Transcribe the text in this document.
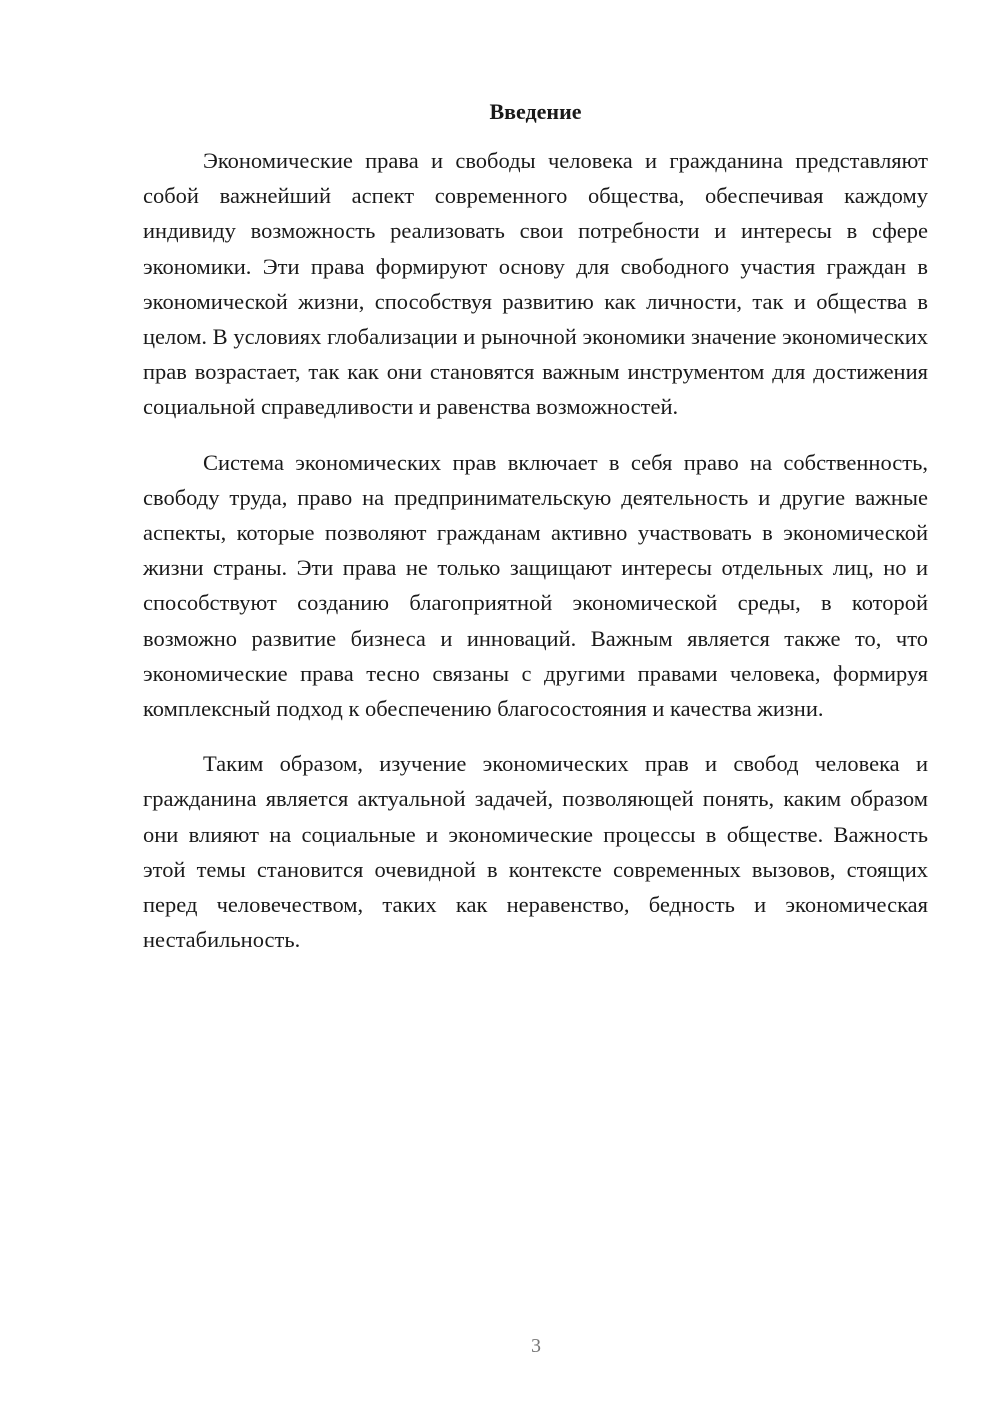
Введение

Экономические права и свободы человека и гражданина представляют собой важнейший аспект современного общества, обеспечивая каждому индивиду возможность реализовать свои потребности и интересы в сфере экономики. Эти права формируют основу для свободного участия граждан в экономической жизни, способствуя развитию как личности, так и общества в целом. В условиях глобализации и рыночной экономики значение экономических прав возрастает, так как они становятся важным инструментом для достижения социальной справедливости и равенства возможностей.

Система экономических прав включает в себя право на собственность, свободу труда, право на предпринимательскую деятельность и другие важные аспекты, которые позволяют гражданам активно участвовать в экономической жизни страны. Эти права не только защищают интересы отдельных лиц, но и способствуют созданию благоприятной экономической среды, в которой возможно развитие бизнеса и инноваций. Важным является также то, что экономические права тесно связаны с другими правами человека, формируя комплексный подход к обеспечению благосостояния и качества жизни.

Таким образом, изучение экономических прав и свобод человека и гражданина является актуальной задачей, позволяющей понять, каким образом они влияют на социальные и экономические процессы в обществе. Важность этой темы становится очевидной в контексте современных вызовов, стоящих перед человечеством, таких как неравенство, бедность и экономическая нестабильность.

3
